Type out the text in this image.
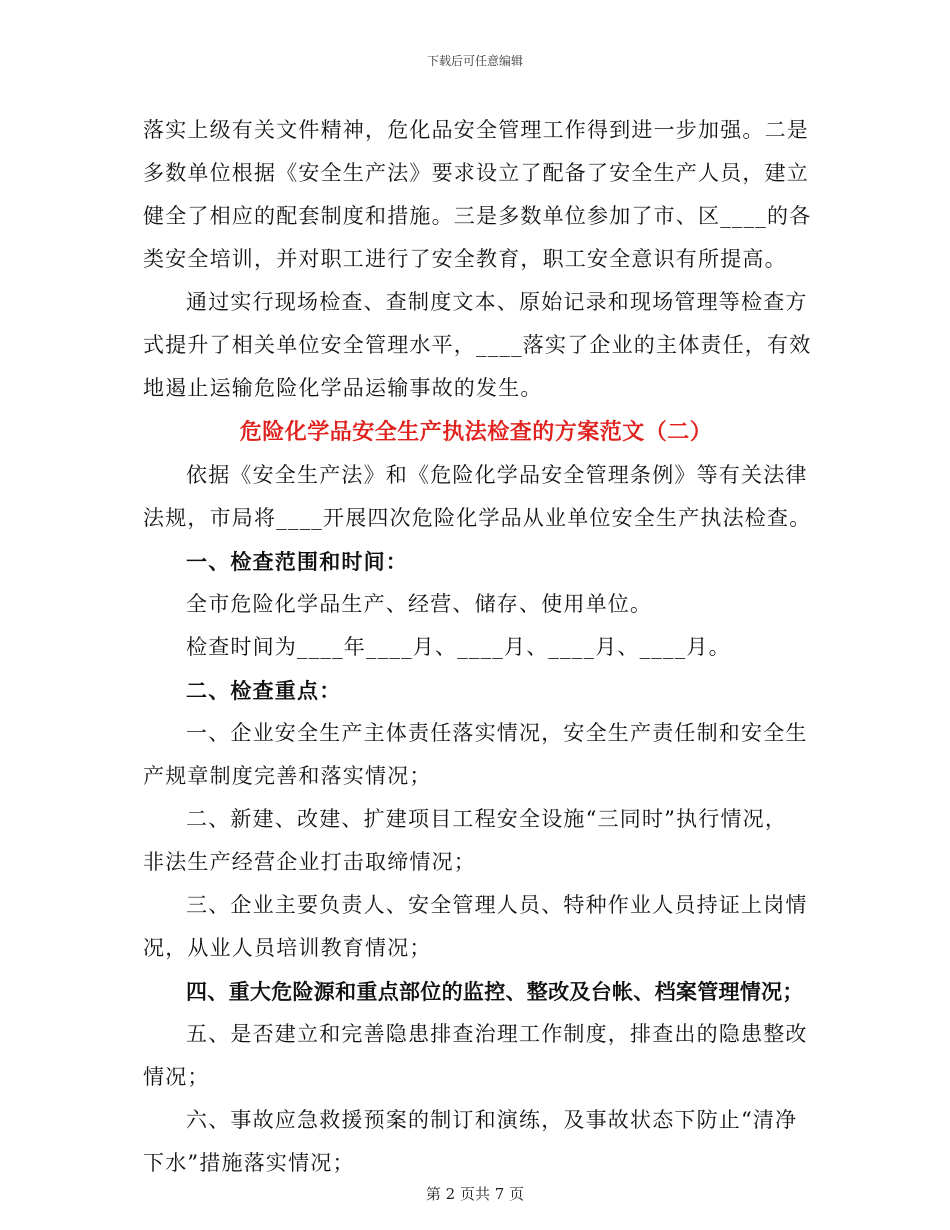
下载后可任意编辑
落实上级有关文件精神，危化品安全管理工作得到进一步加强。二是
多数单位根据《安全生产法》要求设立了配备了安全生产人员，建立
健全了相应的配套制度和措施。三是多数单位参加了市、区____的各
类安全培训，并对职工进行了安全教育，职工安全意识有所提高。
通过实行现场检查、查制度文本、原始记录和现场管理等检查方
式提升了相关单位安全管理水平，____落实了企业的主体责任，有效
地遏止运输危险化学品运输事故的发生。
危险化学品安全生产执法检查的方案范文（二）
依据《安全生产法》和《危险化学品安全管理条例》等有关法律
法规，市局将____开展四次危险化学品从业单位安全生产执法检查。
一、检查范围和时间：
全市危险化学品生产、经营、储存、使用单位。
检查时间为____年____月、____月、____月、____月。
二、检查重点：
一、企业安全生产主体责任落实情况，安全生产责任制和安全生
产规章制度完善和落实情况；
二、新建、改建、扩建项目工程安全设施“三同时”执行情况，
非法生产经营企业打击取缔情况；
三、企业主要负责人、安全管理人员、特种作业人员持证上岗情
况，从业人员培训教育情况；
四、重大危险源和重点部位的监控、整改及台帐、档案管理情况；
五、是否建立和完善隐患排查治理工作制度，排查出的隐患整改
情况；
六、事故应急救援预案的制订和演练，及事故状态下防止“清净
下水”措施落实情况；
第 2 页共 7 页
